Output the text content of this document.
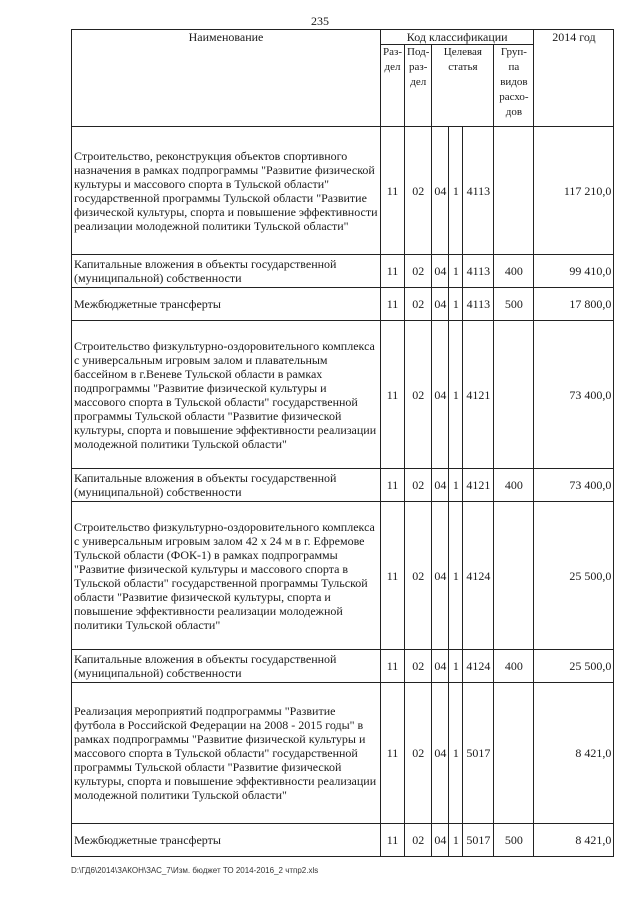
235
Наименование	Код классификации						2014 год
	Раз-дел	Под-раз-дел	Целевая статья			Груп-па видов расхо-дов	
Строительство, реконструкция объектов спортивного назначения в рамках подпрограммы "Развитие физической культуры и массового спорта в Тульской области" государственной программы Тульской области "Развитие физической культуры, спорта и повышение эффективности реализации молодежной политики Тульской области"	11	02	04	1	4113		117 210,0
Капитальные вложения в объекты государственной (муниципальной) собственности	11	02	04	1	4113	400	99 410,0
Межбюджетные трансферты	11	02	04	1	4113	500	17 800,0
Строительство физкультурно-оздоровительного комплекса с универсальным игровым залом и плавательным бассейном в г.Веневе Тульской области в рамках подпрограммы "Развитие физической культуры и массового спорта в Тульской области" государственной программы Тульской области "Развитие физической культуры, спорта и повышение эффективности реализации молодежной политики Тульской области"	11	02	04	1	4121		73 400,0
Капитальные вложения в объекты государственной (муниципальной) собственности	11	02	04	1	4121	400	73 400,0
Строительство физкультурно-оздоровительного комплекса с универсальным игровым залом 42 х 24 м в г. Ефремове Тульской области (ФОК-1) в рамках подпрограммы "Развитие физической культуры и массового спорта в Тульской области" государственной программы Тульской области "Развитие физической культуры, спорта и повышение эффективности реализации молодежной политики Тульской области"	11	02	04	1	4124		25 500,0
Капитальные вложения в объекты государственной (муниципальной) собственности	11	02	04	1	4124	400	25 500,0
Реализация мероприятий подпрограммы "Развитие футбола в Российской Федерации на 2008 - 2015 годы" в рамках подпрограммы "Развитие физической культуры и массового спорта в Тульской области" государственной программы Тульской области "Развитие физической культуры, спорта и повышение эффективности реализации молодежной политики Тульской области"	11	02	04	1	5017		8 421,0
Межбюджетные трансферты	11	02	04	1	5017	500	8 421,0
D:\ГД6\2014\ЗАКОН\ЗАС_7\Изм. бюджет ТО 2014-2016_2 чтпр2.xls
